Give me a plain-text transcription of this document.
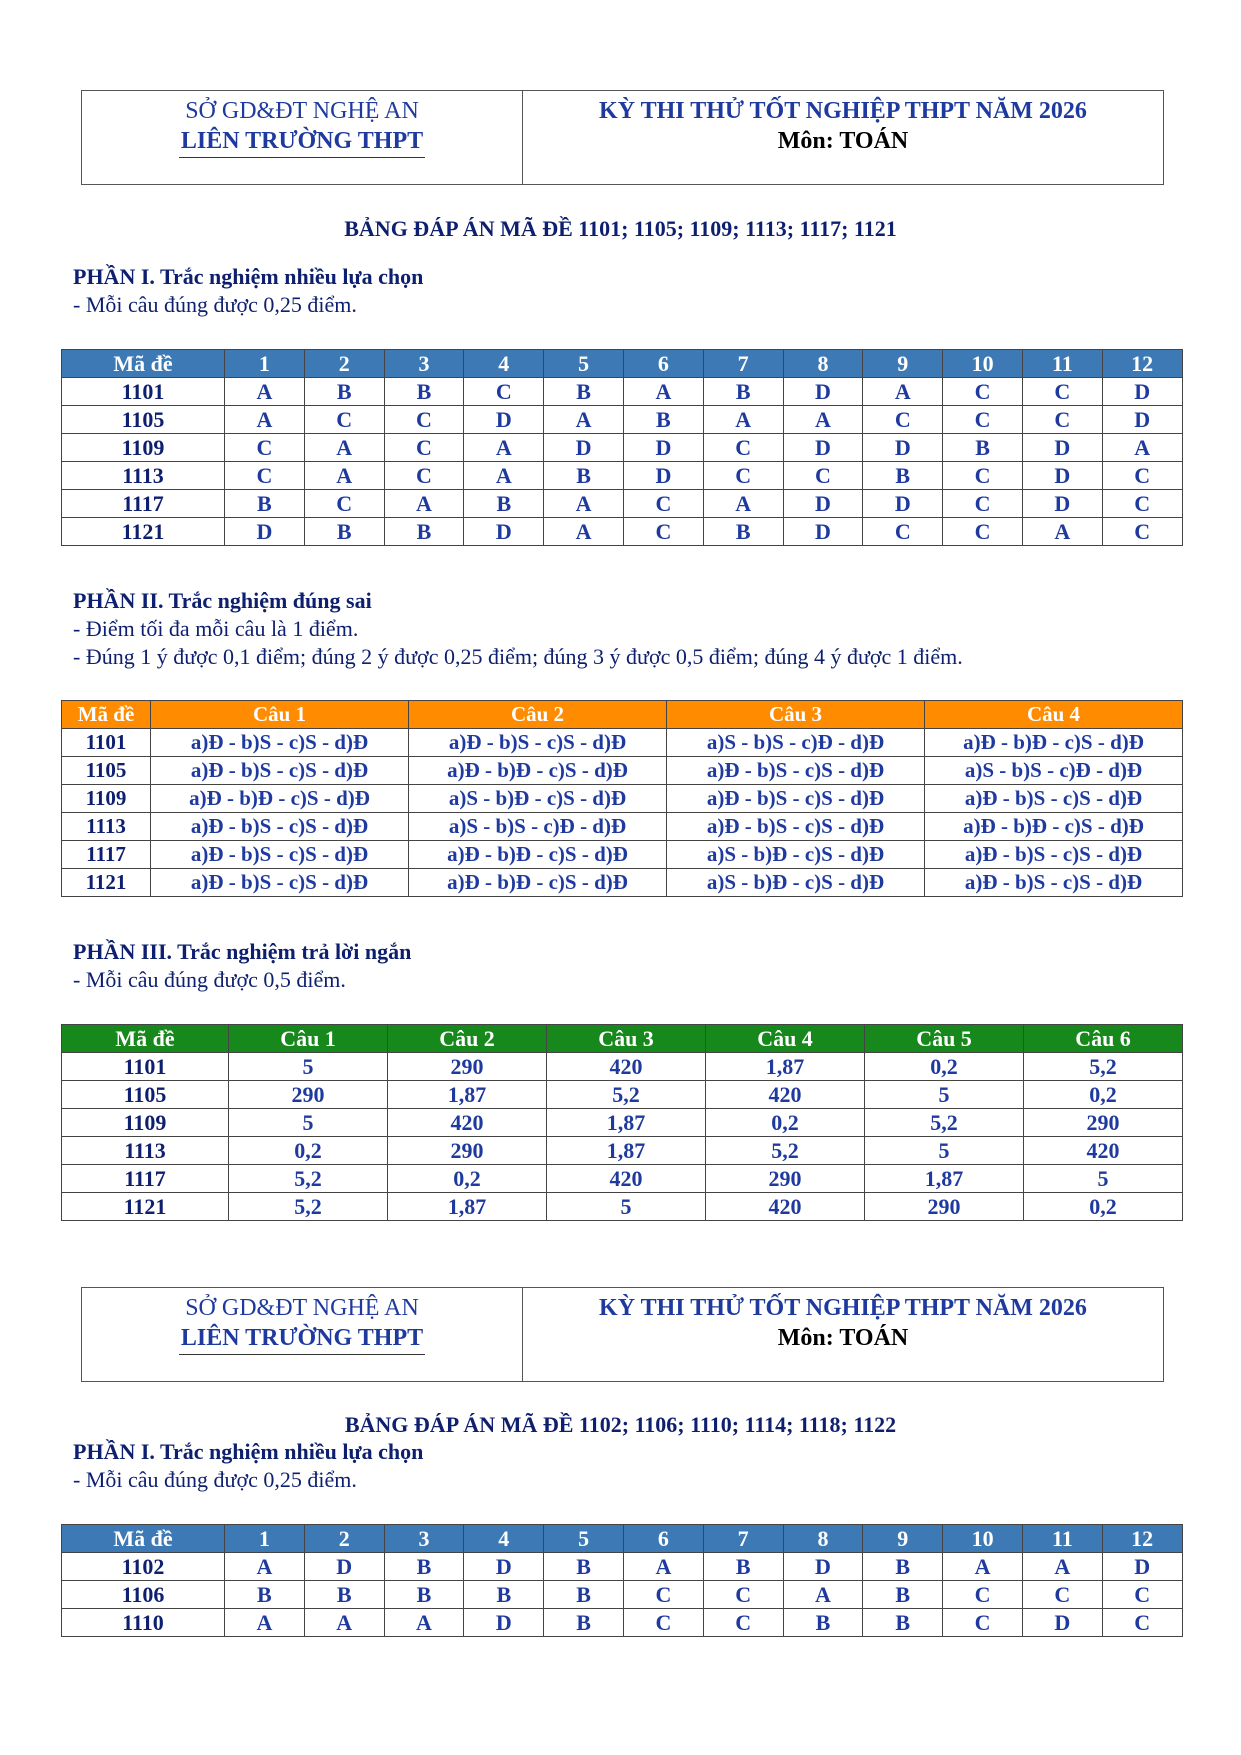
SỞ GD&ĐT NGHỆ AN
LIÊN TRƯỜNG THPT
KỲ THI THỬ TỐT NGHIỆP THPT NĂM 2026
Môn: TOÁN
BẢNG ĐÁP ÁN MÃ ĐỀ 1101; 1105; 1109; 1113; 1117; 1121
PHẦN I. Trắc nghiệm nhiều lựa chọn
- Mỗi câu đúng được 0,25 điểm.
Mã đề	1	2	3	4	5	6	7	8	9	10	11	12
1101	A	B	B	C	B	A	B	D	A	C	C	D
1105	A	C	C	D	A	B	A	A	C	C	C	D
1109	C	A	C	A	D	D	C	D	D	B	D	A
1113	C	A	C	A	B	D	C	C	B	C	D	C
1117	B	C	A	B	A	C	A	D	D	C	D	C
1121	D	B	B	D	A	C	B	D	C	C	A	C
PHẦN II. Trắc nghiệm đúng sai
- Điểm tối đa mỗi câu là 1 điểm.
- Đúng 1 ý được 0,1 điểm; đúng 2 ý được 0,25 điểm; đúng 3 ý được 0,5 điểm; đúng 4 ý được 1 điểm.
Mã đề	Câu 1	Câu 2	Câu 3	Câu 4
1101	a)Đ - b)S - c)S - d)Đ	a)Đ - b)S - c)S - d)Đ	a)S - b)S - c)Đ - d)Đ	a)Đ - b)Đ - c)S - d)Đ
1105	a)Đ - b)S - c)S - d)Đ	a)Đ - b)Đ - c)S - d)Đ	a)Đ - b)S - c)S - d)Đ	a)S - b)S - c)Đ - d)Đ
1109	a)Đ - b)Đ - c)S - d)Đ	a)S - b)Đ - c)S - d)Đ	a)Đ - b)S - c)S - d)Đ	a)Đ - b)S - c)S - d)Đ
1113	a)Đ - b)S - c)S - d)Đ	a)S - b)S - c)Đ - d)Đ	a)Đ - b)S - c)S - d)Đ	a)Đ - b)Đ - c)S - d)Đ
1117	a)Đ - b)S - c)S - d)Đ	a)Đ - b)Đ - c)S - d)Đ	a)S - b)Đ - c)S - d)Đ	a)Đ - b)S - c)S - d)Đ
1121	a)Đ - b)S - c)S - d)Đ	a)Đ - b)Đ - c)S - d)Đ	a)S - b)Đ - c)S - d)Đ	a)Đ - b)S - c)S - d)Đ
PHẦN III. Trắc nghiệm trả lời ngắn
- Mỗi câu đúng được 0,5 điểm.
Mã đề	Câu 1	Câu 2	Câu 3	Câu 4	Câu 5	Câu 6
1101	5	290	420	1,87	0,2	5,2
1105	290	1,87	5,2	420	5	0,2
1109	5	420	1,87	0,2	5,2	290
1113	0,2	290	1,87	5,2	5	420
1117	5,2	0,2	420	290	1,87	5
1121	5,2	1,87	5	420	290	0,2
SỞ GD&ĐT NGHỆ AN
LIÊN TRƯỜNG THPT
KỲ THI THỬ TỐT NGHIỆP THPT NĂM 2026
Môn: TOÁN
BẢNG ĐÁP ÁN MÃ ĐỀ 1102; 1106; 1110; 1114; 1118; 1122
PHẦN I. Trắc nghiệm nhiều lựa chọn
- Mỗi câu đúng được 0,25 điểm.
Mã đề	1	2	3	4	5	6	7	8	9	10	11	12
1102	A	D	B	D	B	A	B	D	B	A	A	D
1106	B	B	B	B	B	C	C	A	B	C	C	C
1110	A	A	A	D	B	C	C	B	B	C	D	C
